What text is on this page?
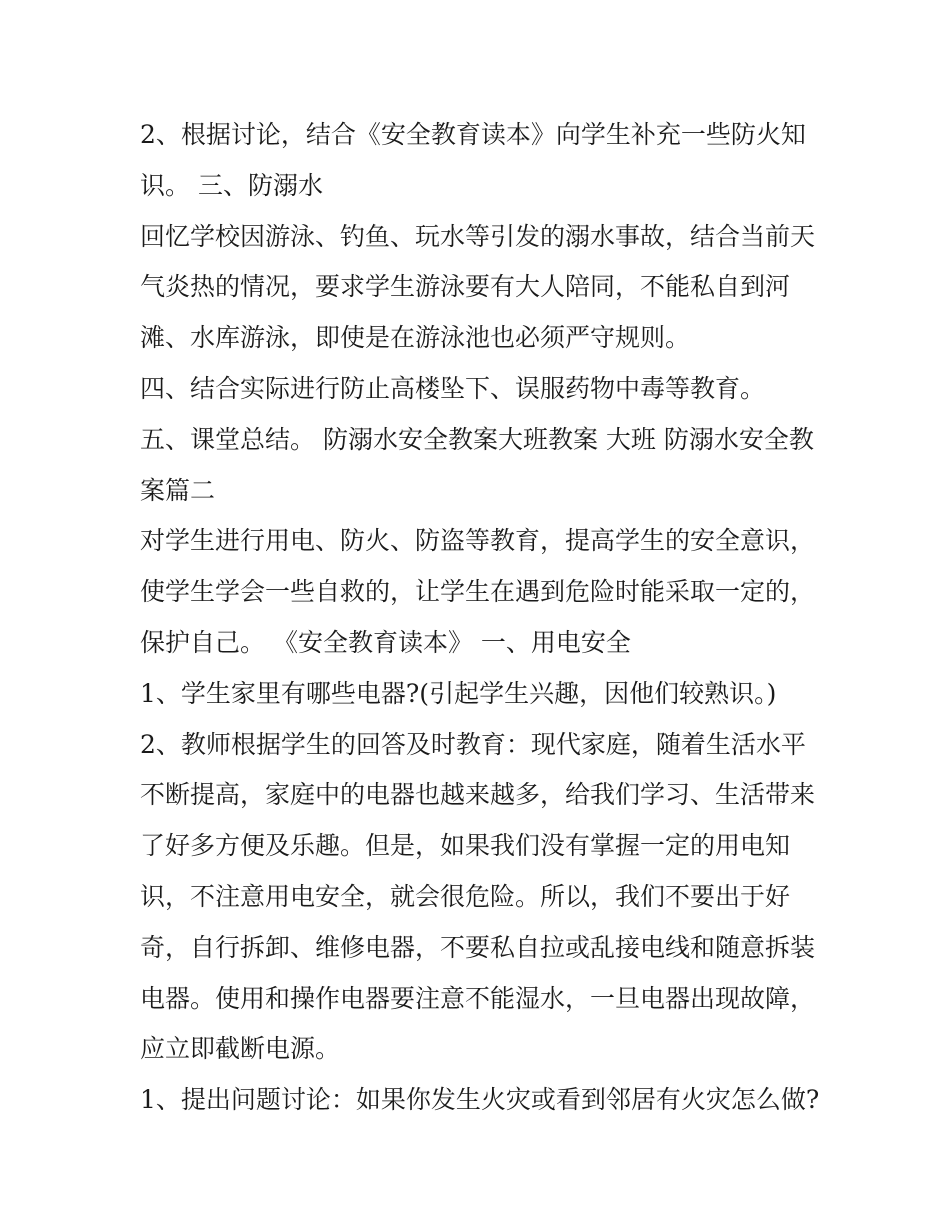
2、根据讨论，结合《安全教育读本》向学生补充一些防火知
识。 三、防溺水
回忆学校因游泳、钓鱼、玩水等引发的溺水事故，结合当前天
气炎热的情况，要求学生游泳要有大人陪同，不能私自到河
滩、水库游泳，即使是在游泳池也必须严守规则。
四、结合实际进行防止高楼坠下、误服药物中毒等教育。
五、课堂总结。 防溺水安全教案大班教案 大班 防溺水安全教
案篇二
对学生进行用电、防火、防盗等教育，提高学生的安全意识，
使学生学会一些自救的，让学生在遇到危险时能采取一定的，
保护自己。 《安全教育读本》 一、用电安全
1、学生家里有哪些电器?(引起学生兴趣，因他们较熟识。)
2、教师根据学生的回答及时教育：现代家庭，随着生活水平
不断提高，家庭中的电器也越来越多，给我们学习、生活带来
了好多方便及乐趣。但是，如果我们没有掌握一定的用电知
识，不注意用电安全，就会很危险。所以，我们不要出于好
奇，自行拆卸、维修电器，不要私自拉或乱接电线和随意拆装
电器。使用和操作电器要注意不能湿水，一旦电器出现故障，
应立即截断电源。
1、提出问题讨论：如果你发生火灾或看到邻居有火灾怎么做?
